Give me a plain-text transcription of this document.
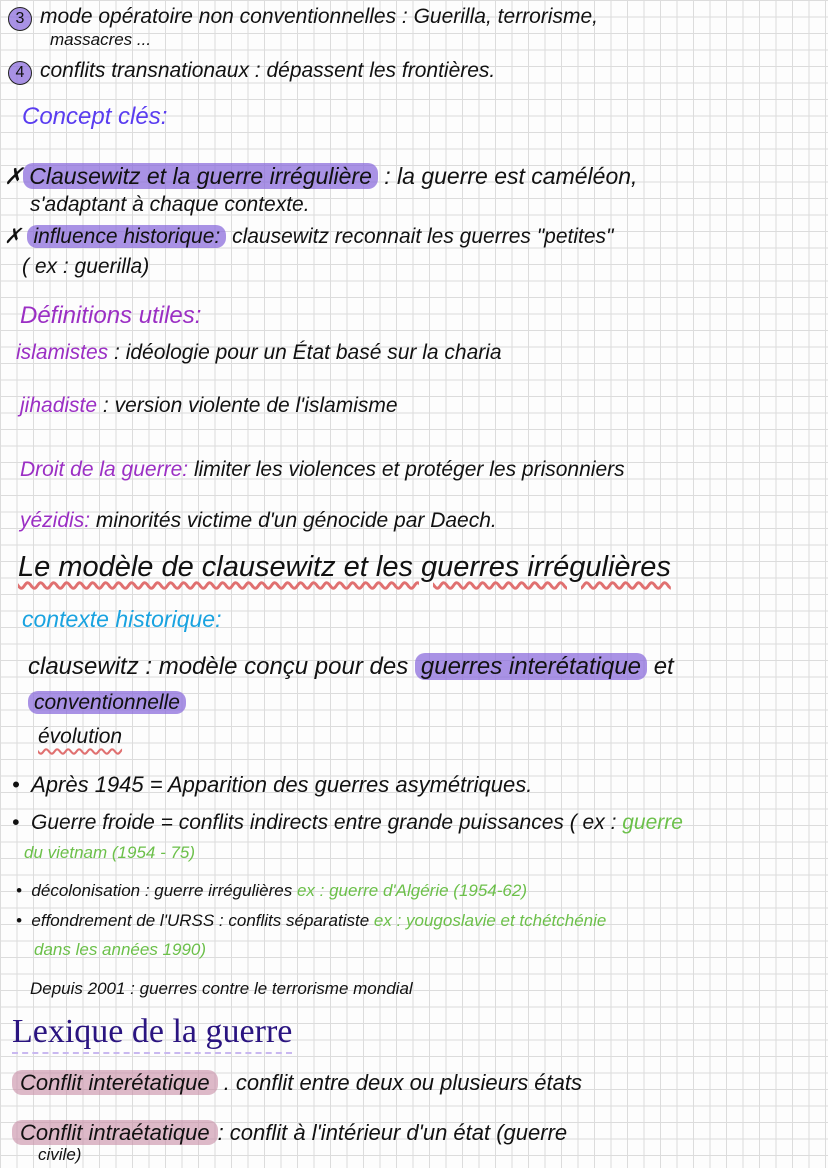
3 mode opératoire non conventionnelles : Guerilla, terrorisme,
massacres ...
4 conflits transnationaux : dépassent les frontières.
Concept clés:
✗ Clausewitz et la guerre irrégulière : la guerre est caméléon,
s'adaptant à chaque contexte.
✗ influence historique: clausewitz reconnait les guerres "petites"
( ex : guerilla)
Définitions utiles:
islamistes : idéologie pour un État basé sur la charia
jihadiste : version violente de l'islamisme
Droit de la guerre: limiter les violences et protéger les prisonniers
yézidis: minorités victime d'un génocide par Daech.
Le modèle de clausewitz et les guerres irrégulières
contexte historique:
clausewitz : modèle conçu pour des guerres interétatique et
conventionnelle
évolution
•  Après 1945 = Apparition des guerres asymétriques.
•  Guerre froide = conflits indirects entre grande puissances ( ex : guerre
du vietnam (1954 - 75)
•  décolonisation : guerre irrégulières ex : guerre d'Algérie (1954-62)
•  effondrement de l'URSS : conflits séparatiste ex : yougoslavie et tchétchénie
dans les années 1990)
Depuis 2001 : guerres contre le terrorisme mondial
Lexique de la guerre
Conflit interétatique . conflit entre deux ou plusieurs états
Conflit intraétatique : conflit à l'intérieur d'un état (guerre
civile)
